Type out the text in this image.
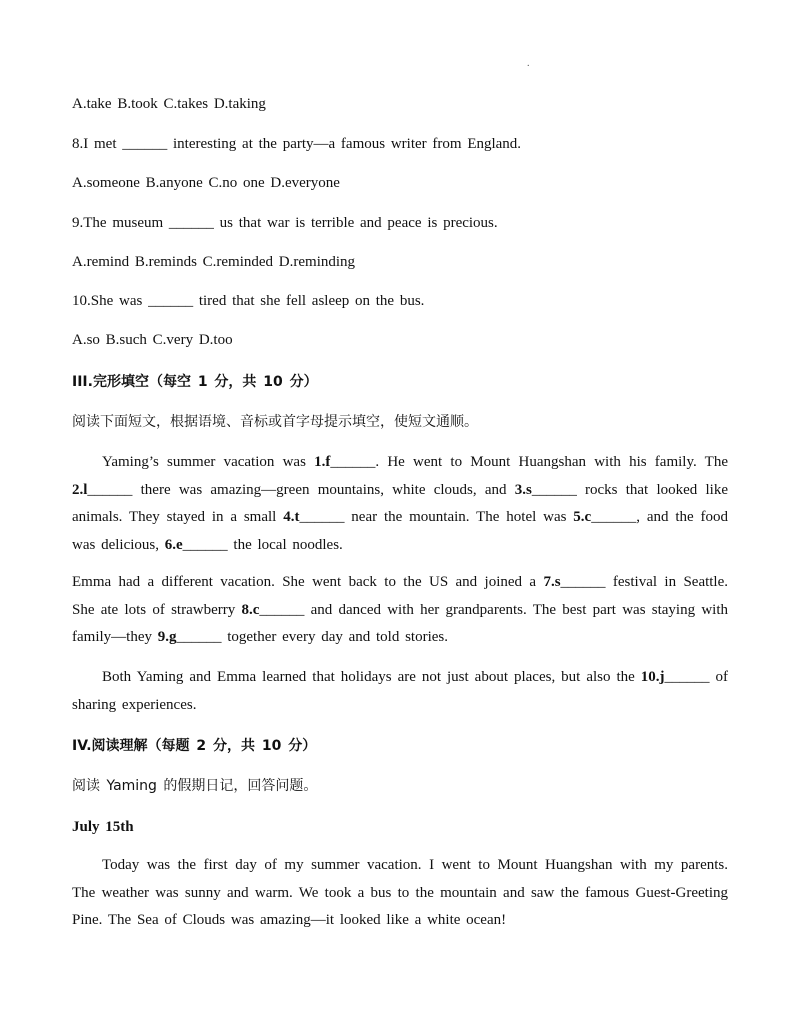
.
A.take B.took C.takes D.taking
8.I met ______ interesting at the party—a famous writer from England.
A.someone B.anyone C.no one D.everyone
9.The museum ______ us that war is terrible and peace is precious.
A.remind B.reminds C.reminded D.reminding
10.She was ______ tired that she fell asleep on the bus.
A.so B.such C.very D.too
III.完形填空（每空 1 分，共 10 分）
阅读下面短文，根据语境、音标或首字母提示填空，使短文通顺。
Yaming’s summer vacation was 1.f______. He went to Mount Huangshan with his family. The 2.l______ there was amazing—green mountains, white clouds, and 3.s______ rocks that looked like animals. They stayed in a small 4.t______ near the mountain. The hotel was 5.c______, and the food was delicious, 6.e______ the local noodles.
Emma had a different vacation. She went back to the US and joined a 7.s______ festival in Seattle. She ate lots of strawberry 8.c______ and danced with her grandparents. The best part was staying with family—they 9.g______ together every day and told stories.
Both Yaming and Emma learned that holidays are not just about places, but also the 10.j______ of sharing experiences.
IV.阅读理解（每题 2 分，共 10 分）
阅读 Yaming 的假期日记，回答问题。
July 15th
Today was the first day of my summer vacation. I went to Mount Huangshan with my parents. The weather was sunny and warm. We took a bus to the mountain and saw the famous Guest-Greeting Pine. The Sea of Clouds was amazing—it looked like a white ocean!
